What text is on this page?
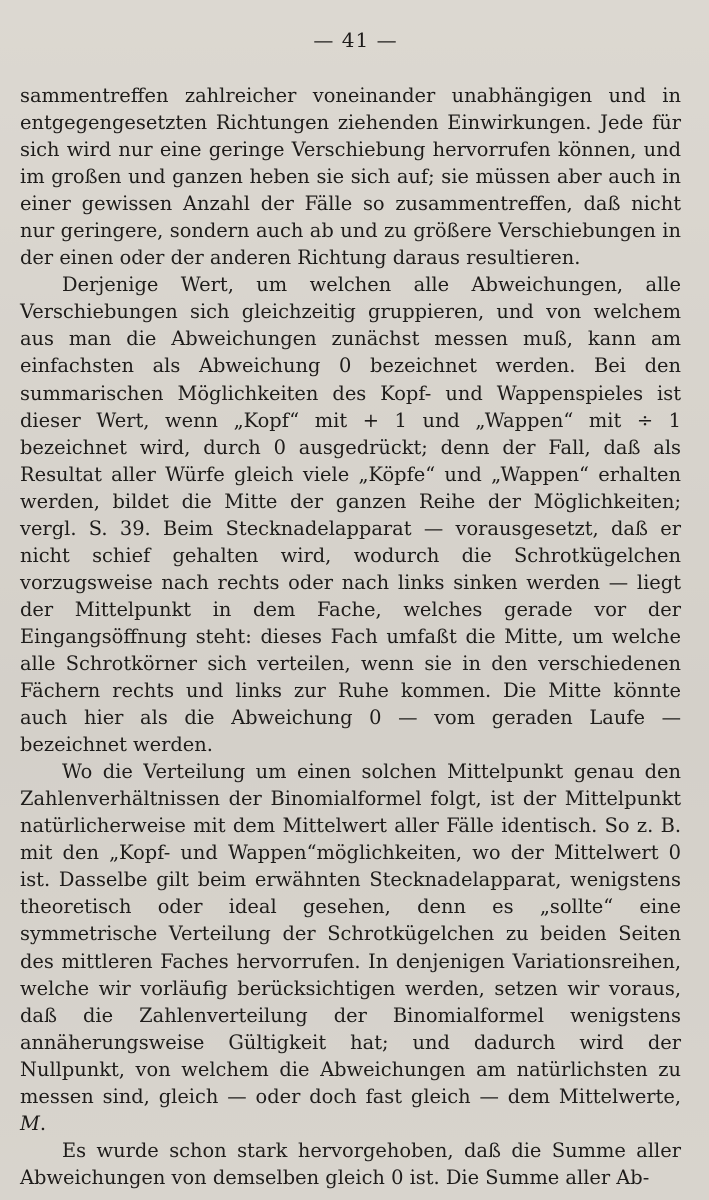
— 41 —

sammentreffen zahlreicher voneinander unabhängigen und in entgegengesetzten Richtungen ziehenden Einwirkungen. Jede für sich wird nur eine geringe Verschiebung hervorrufen können, und im großen und ganzen heben sie sich auf; sie müssen aber auch in einer gewissen Anzahl der Fälle so zusammentreffen, daß nicht nur geringere, sondern auch ab und zu größere Verschiebungen in der einen oder der anderen Richtung daraus resultieren.

Derjenige Wert, um welchen alle Abweichungen, alle Verschiebungen sich gleichzeitig gruppieren, und von welchem aus man die Abweichungen zunächst messen muß, kann am einfachsten als Abweichung 0 bezeichnet werden. Bei den summarischen Möglichkeiten des Kopf- und Wappenspieles ist dieser Wert, wenn „Kopf“ mit + 1 und „Wappen“ mit ÷ 1 bezeichnet wird, durch 0 ausgedrückt; denn der Fall, daß als Resultat aller Würfe gleich viele „Köpfe“ und „Wappen“ erhalten werden, bildet die Mitte der ganzen Reihe der Möglichkeiten; vergl. S. 39. Beim Stecknadelapparat — vorausgesetzt, daß er nicht schief gehalten wird, wodurch die Schrotkügelchen vorzugsweise nach rechts oder nach links sinken werden — liegt der Mittelpunkt in dem Fache, welches gerade vor der Eingangsöffnung steht: dieses Fach umfaßt die Mitte, um welche alle Schrotkörner sich verteilen, wenn sie in den verschiedenen Fächern rechts und links zur Ruhe kommen. Die Mitte könnte auch hier als die Abweichung 0 — vom geraden Laufe — bezeichnet werden.

Wo die Verteilung um einen solchen Mittelpunkt genau den Zahlenverhältnissen der Binomialformel folgt, ist der Mittelpunkt natürlicherweise mit dem Mittelwert aller Fälle identisch. So z. B. mit den „Kopf- und Wappen“möglichkeiten, wo der Mittelwert 0 ist. Dasselbe gilt beim erwähnten Stecknadelapparat, wenigstens theoretisch oder ideal gesehen, denn es „sollte“ eine symmetrische Verteilung der Schrotkügelchen zu beiden Seiten des mittleren Faches hervorrufen. In denjenigen Variationsreihen, welche wir vorläufig berücksichtigen werden, setzen wir voraus, daß die Zahlenverteilung der Binomialformel wenigstens annäherungsweise Gültigkeit hat; und dadurch wird der Nullpunkt, von welchem die Abweichungen am natürlichsten zu messen sind, gleich — oder doch fast gleich — dem Mittelwerte, M.

Es wurde schon stark hervorgehoben, daß die Summe aller Abweichungen von demselben gleich 0 ist. Die Summe aller Ab-
